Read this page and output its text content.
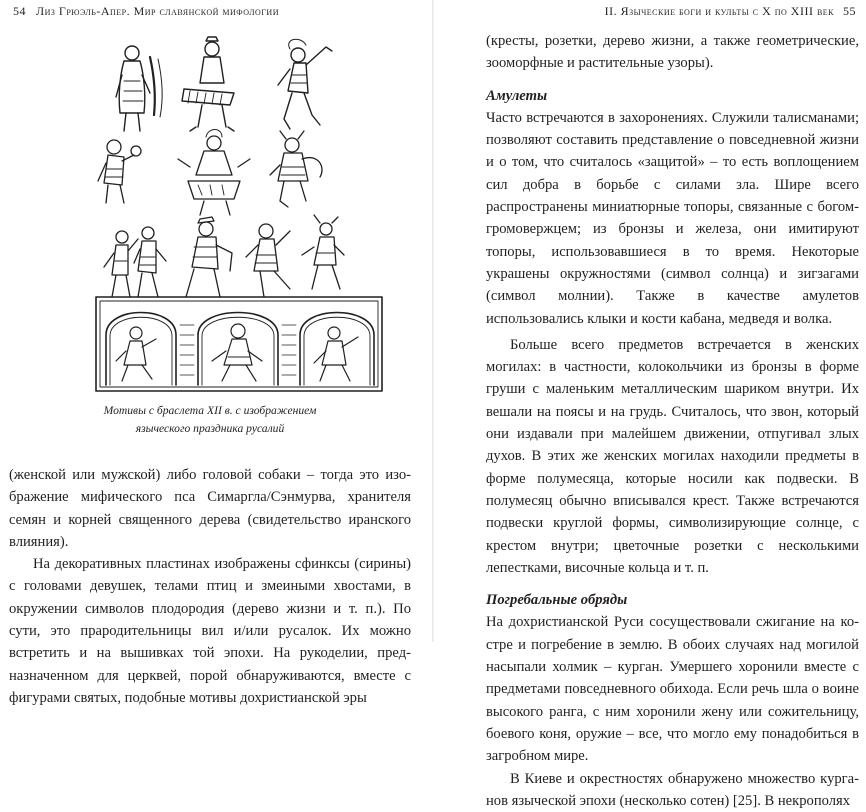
54 Лиз Грюэль-Апер. Мир славянской мифологии
Мотивы с браслета XII в. с изображением
языческого праздника русалий

(женской или мужской) либо головой собаки – тогда это изображение мифического пса Симаргла/Сэнмурва, хранителя семян и корней священного дерева (свидетельство иранского влияния).

На декоративных пластинах изображены сфинксы (сирины) с головами девушек, телами птиц и змеиными хвостами, в окружении символов плодородия (дерево жизни и т. п.). По сути, это прародительницы вил и/или русалок. Их можно встретить и на вышивках той эпохи. На рукоделии, предназначенном для церквей, порой обнаруживаются, вместе с фигурами святых, подобные мотивы дохристианской эры

II. Языческие боги и культы с X по XIII век 55

(кресты, розетки, дерево жизни, а также геометрические, зооморфные и растительные узоры).

Амулеты

Часто встречаются в захоронениях. Служили талисманами; позволяют составить представление о повседневной жизни и о том, что считалось «защитой» – то есть воплощением сил добра в борьбе с силами зла. Шире всего распространены миниатюрные топоры, связанные с богом-громовержцем; из бронзы и железа, они имитируют топоры, использовавшиеся в то время. Некоторые украшены окружностями (символ солнца) и зигзагами (символ молнии). Также в качестве амулетов использовались клыки и кости кабана, медведя и волка.

Больше всего предметов встречается в женских могилах: в частности, колокольчики из бронзы в форме груши с маленьким металлическим шариком внутри. Их вешали на поясы и на грудь. Считалось, что звон, который они издавали при малейшем движении, отпугивал злых духов. В этих же женских могилах находили предметы в форме полумесяца, которые носили как подвески. В полумесяц обычно вписывался крест. Также встречаются подвески круглой формы, символизирующие солнце, с крестом внутри; цветочные розетки с несколькими лепестками, височные кольца и т. п.

Погребальные обряды

На дохристианской Руси сосуществовали сжигание на костре и погребение в землю. В обоих случаях над могилой насыпали холмик – курган. Умершего хоронили вместе с предметами повседневного обихода. Если речь шла о воине высокого ранга, с ним хоронили жену или сожительницу, боевого коня, оружие – все, что могло ему понадобиться в загробном мире.

В Киеве и окрестностях обнаружено множество курганов языческой эпохи (несколько сотен) [25]. В некрополях
